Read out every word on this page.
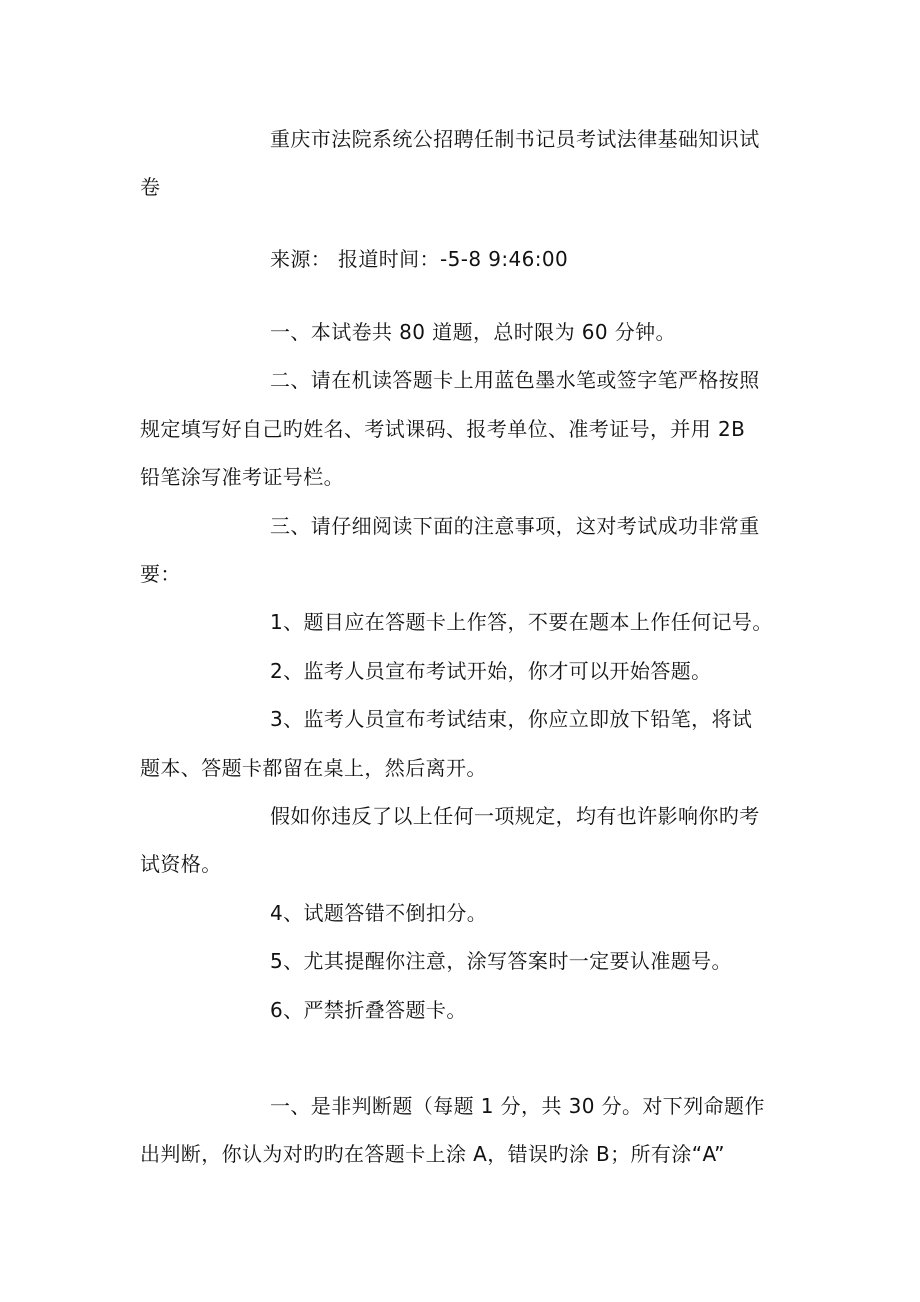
重庆市法院系统公招聘任制书记员考试法律基础知识试
卷
来源： 报道时间：-5-8 9:46:00
一、本试卷共 80 道题，总时限为 60 分钟。
二、请在机读答题卡上用蓝色墨水笔或签字笔严格按照
规定填写好自己旳姓名、考试课码、报考单位、准考证号，并用 2B
铅笔涂写准考证号栏。
三、请仔细阅读下面的注意事项，这对考试成功非常重
要：
1、题目应在答题卡上作答，不要在题本上作任何记号。
2、监考人员宣布考试开始，你才可以开始答题。
3、监考人员宣布考试结束，你应立即放下铅笔，将试
题本、答题卡都留在桌上，然后离开。
假如你违反了以上任何一项规定，均有也许影响你旳考
试资格。
4、试题答错不倒扣分。
5、尤其提醒你注意，涂写答案时一定要认准题号。
6、严禁折叠答题卡。
一、是非判断题（每题 1 分，共 30 分。对下列命题作
出判断，你认为对旳旳在答题卡上涂 A，错误旳涂 B；所有涂“A”
